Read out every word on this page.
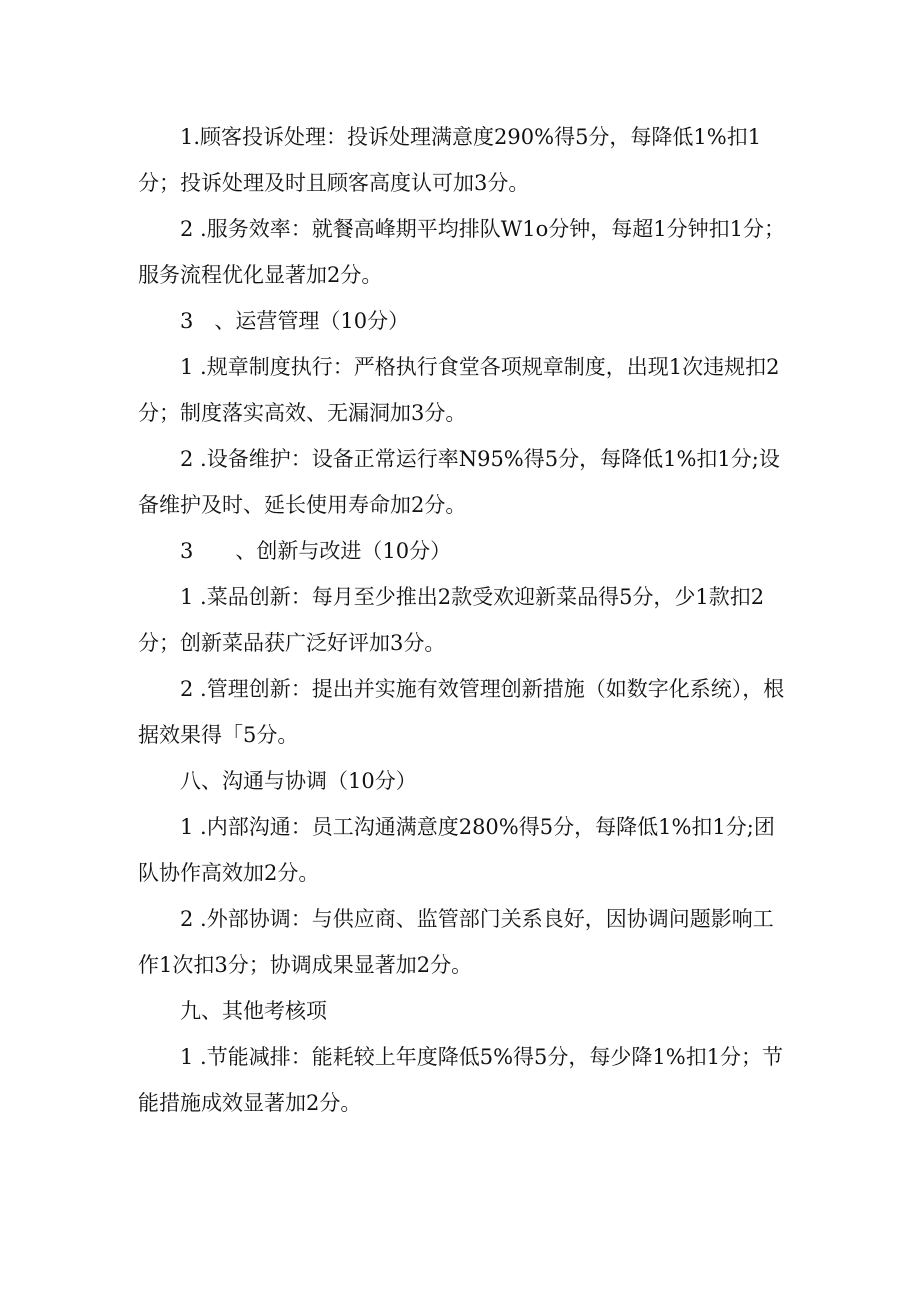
1.顾客投诉处理：投诉处理满意度290%得5分，每降低1%扣1分；投诉处理及时且顾客高度认可加3分。

2 .服务效率：就餐高峰期平均排队W1o分钟，每超1分钟扣1分；服务流程优化显著加2分。

3　、运营管理（10分）

1 .规章制度执行：严格执行食堂各项规章制度，出现1次违规扣2分；制度落实高效、无漏洞加3分。

2 .设备维护：设备正常运行率N95%得5分，每降低1%扣1分;设备维护及时、延长使用寿命加2分。

3　　、创新与改进（10分）

1 .菜品创新：每月至少推出2款受欢迎新菜品得5分，少1款扣2分；创新菜品获广泛好评加3分。

2 .管理创新：提出并实施有效管理创新措施（如数字化系统），根据效果得「5分。

八、沟通与协调（10分）

1 .内部沟通：员工沟通满意度280%得5分，每降低1%扣1分;团队协作高效加2分。

2 .外部协调：与供应商、监管部门关系良好，因协调问题影响工作1次扣3分；协调成果显著加2分。

九、其他考核项

1 .节能减排：能耗较上年度降低5%得5分，每少降1%扣1分；节能措施成效显著加2分。
